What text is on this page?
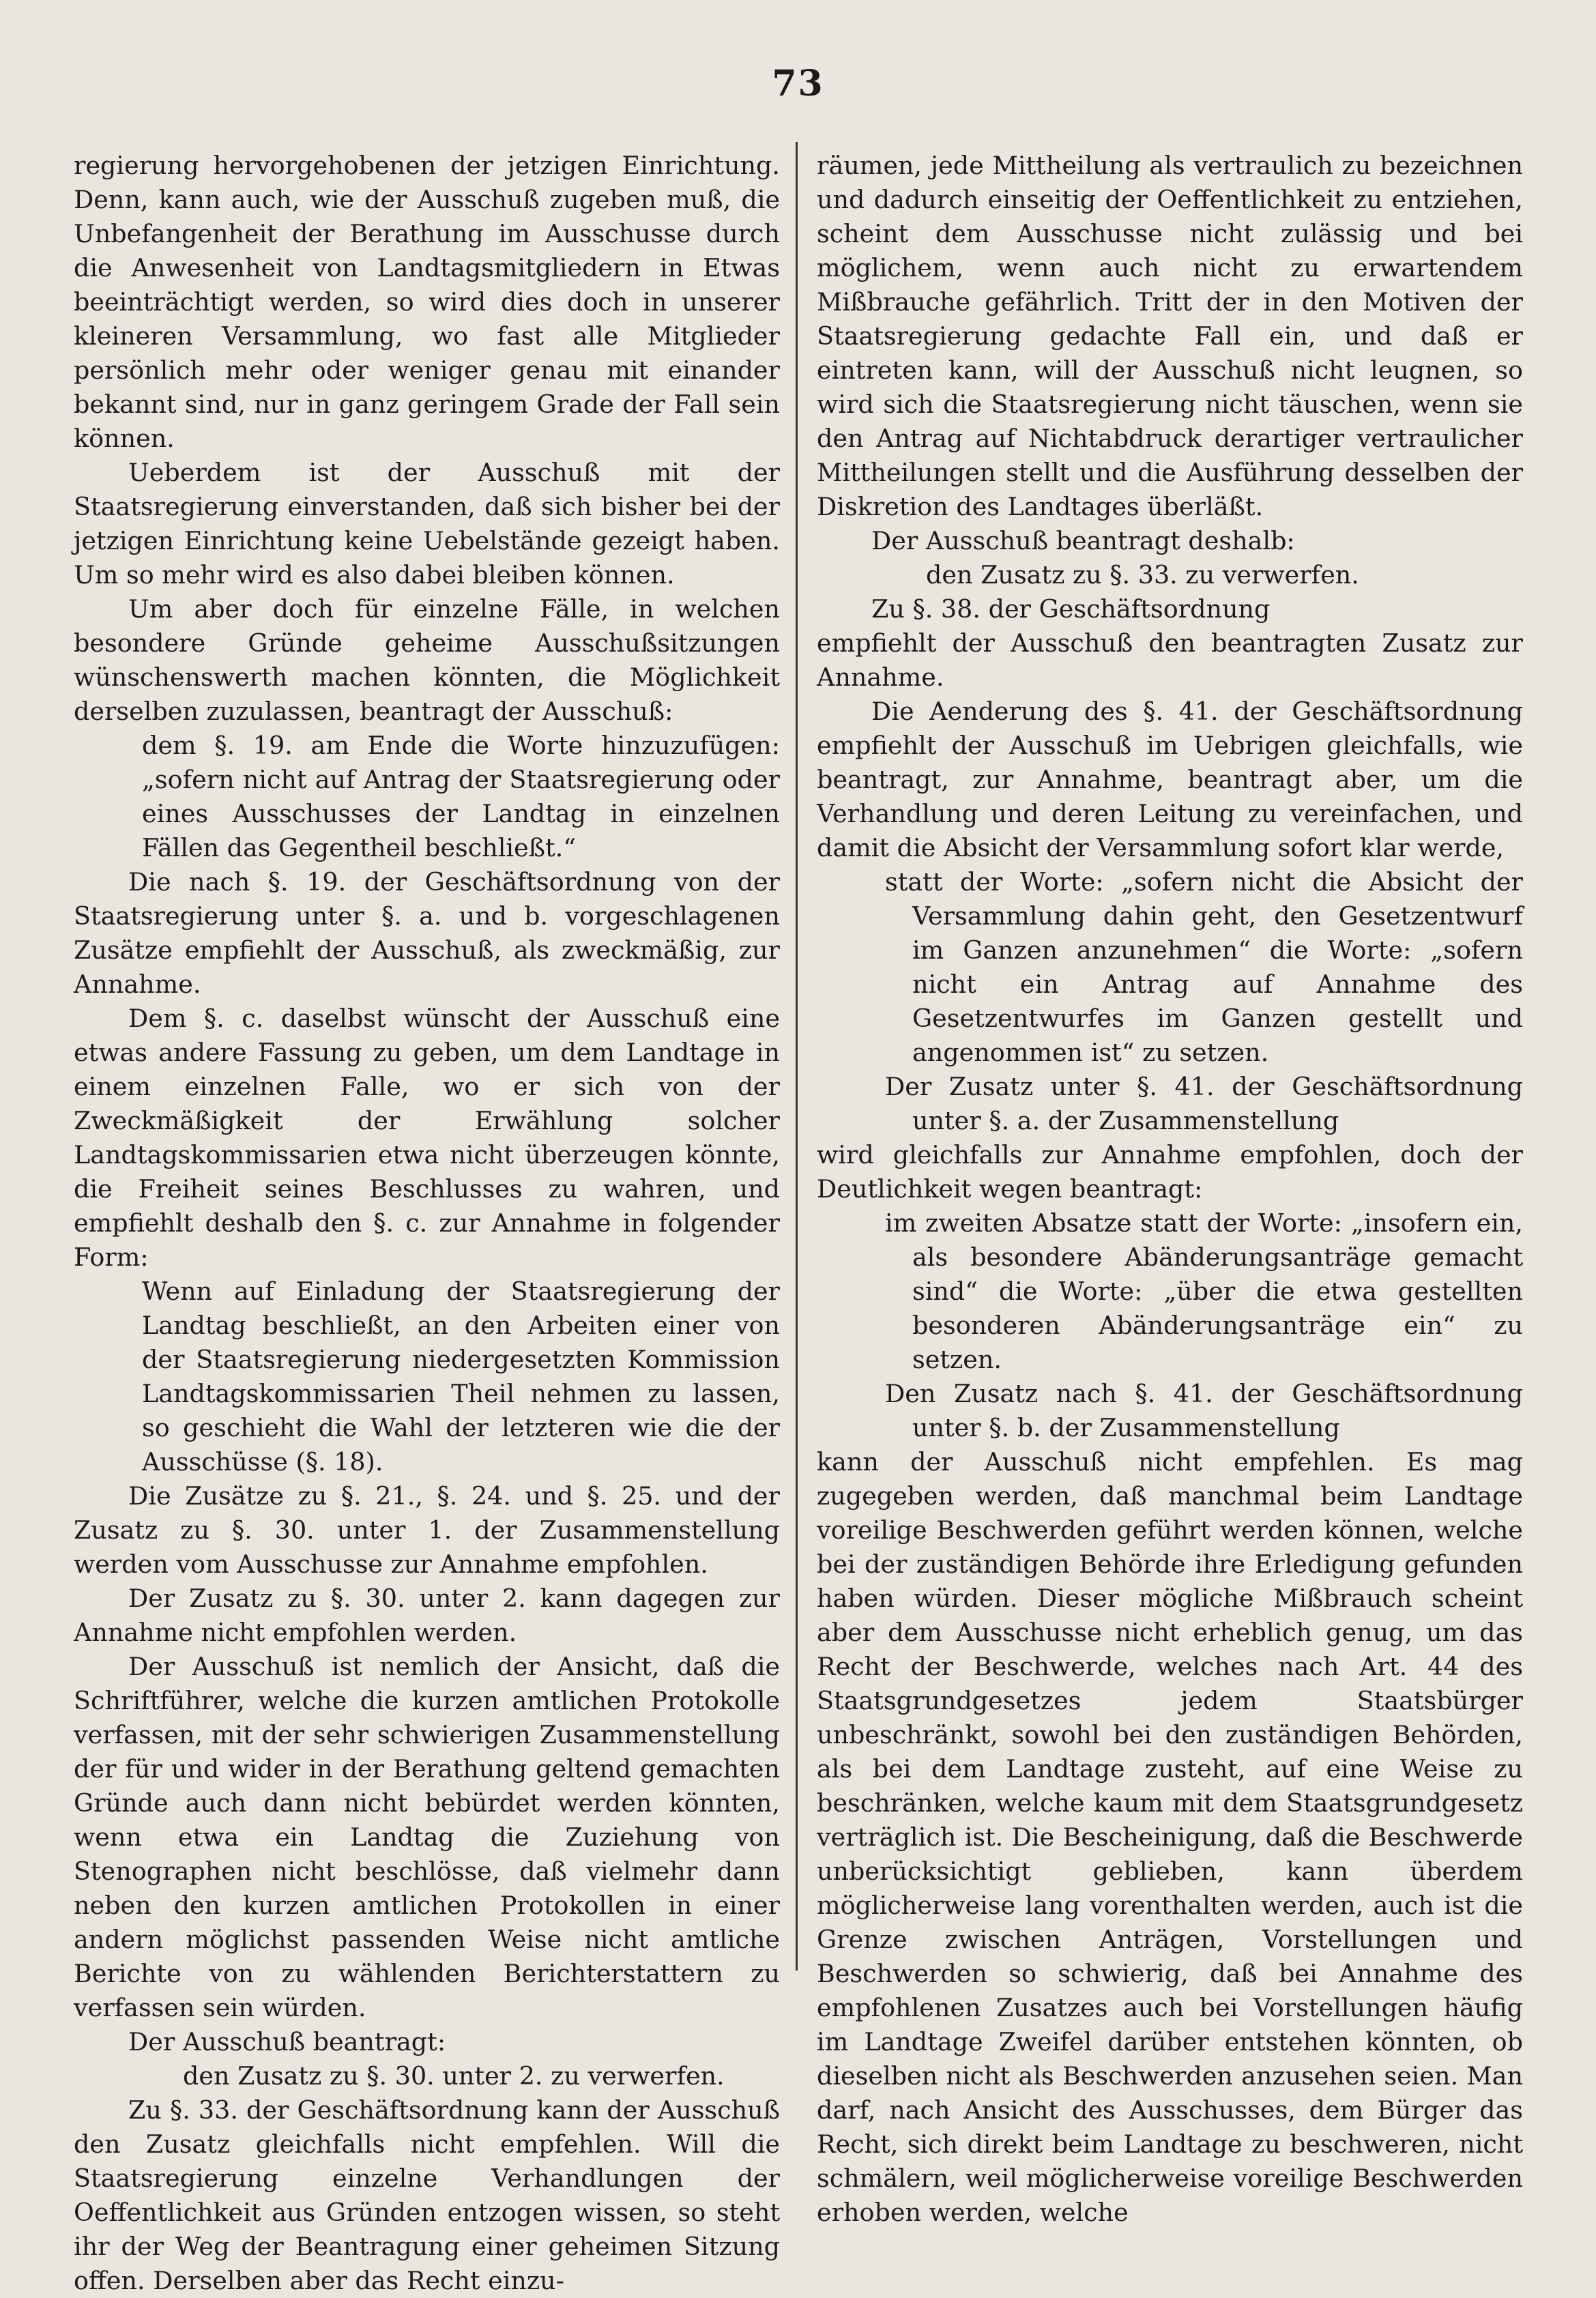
73

regierung hervorgehobenen der jetzigen Einrichtung. Denn, kann auch, wie der Ausschuß zugeben muß, die Unbefangenheit der Berathung im Ausschusse durch die Anwesenheit von Landtagsmitgliedern in Etwas beeinträchtigt werden, so wird dies doch in unserer kleineren Versammlung, wo fast alle Mitglieder persönlich mehr oder weniger genau mit einander bekannt sind, nur in ganz geringem Grade der Fall sein können.

Ueberdem ist der Ausschuß mit der Staatsregierung einverstanden, daß sich bisher bei der jetzigen Einrichtung keine Uebelstände gezeigt haben. Um so mehr wird es also dabei bleiben können.

Um aber doch für einzelne Fälle, in welchen besondere Gründe geheime Ausschußsitzungen wünschenswerth machen könnten, die Möglichkeit derselben zuzulassen, beantragt der Ausschuß:

dem §. 19. am Ende die Worte hinzuzufügen: „sofern nicht auf Antrag der Staatsregierung oder eines Ausschusses der Landtag in einzelnen Fällen das Gegentheil beschließt.“

Die nach §. 19. der Geschäftsordnung von der Staatsregierung unter §. a. und b. vorgeschlagenen Zusätze empfiehlt der Ausschuß, als zweckmäßig, zur Annahme.

Dem §. c. daselbst wünscht der Ausschuß eine etwas andere Fassung zu geben, um dem Landtage in einem einzelnen Falle, wo er sich von der Zweckmäßigkeit der Erwählung solcher Landtagskommissarien etwa nicht überzeugen könnte, die Freiheit seines Beschlusses zu wahren, und empfiehlt deshalb den §. c. zur Annahme in folgender Form:

Wenn auf Einladung der Staatsregierung der Landtag beschließt, an den Arbeiten einer von der Staatsregierung niedergesetzten Kommission Landtagskommissarien Theil nehmen zu lassen, so geschieht die Wahl der letzteren wie die der Ausschüsse (§. 18).

Die Zusätze zu §. 21., §. 24. und §. 25. und der Zusatz zu §. 30. unter 1. der Zusammenstellung werden vom Ausschusse zur Annahme empfohlen.

Der Zusatz zu §. 30. unter 2. kann dagegen zur Annahme nicht empfohlen werden.

Der Ausschuß ist nemlich der Ansicht, daß die Schriftführer, welche die kurzen amtlichen Protokolle verfassen, mit der sehr schwierigen Zusammenstellung der für und wider in der Berathung geltend gemachten Gründe auch dann nicht bebürdet werden könnten, wenn etwa ein Landtag die Zuziehung von Stenographen nicht beschlösse, daß vielmehr dann neben den kurzen amtlichen Protokollen in einer andern möglichst passenden Weise nicht amtliche Berichte von zu wählenden Berichterstattern zu verfassen sein würden.

Der Ausschuß beantragt:

den Zusatz zu §. 30. unter 2. zu verwerfen.

Zu §. 33. der Geschäftsordnung kann der Ausschuß den Zusatz gleichfalls nicht empfehlen. Will die Staatsregierung einzelne Verhandlungen der Oeffentlichkeit aus Gründen entzogen wissen, so steht ihr der Weg der Beantragung einer geheimen Sitzung offen. Derselben aber das Recht einzu-

räumen, jede Mittheilung als vertraulich zu bezeichnen und dadurch einseitig der Oeffentlichkeit zu entziehen, scheint dem Ausschusse nicht zulässig und bei möglichem, wenn auch nicht zu erwartendem Mißbrauche gefährlich. Tritt der in den Motiven der Staatsregierung gedachte Fall ein, und daß er eintreten kann, will der Ausschuß nicht leugnen, so wird sich die Staatsregierung nicht täuschen, wenn sie den Antrag auf Nichtabdruck derartiger vertraulicher Mittheilungen stellt und die Ausführung desselben der Diskretion des Landtages überläßt.

Der Ausschuß beantragt deshalb:

den Zusatz zu §. 33. zu verwerfen.

Zu §. 38. der Geschäftsordnung

empfiehlt der Ausschuß den beantragten Zusatz zur Annahme.

Die Aenderung des §. 41. der Geschäftsordnung empfiehlt der Ausschuß im Uebrigen gleichfalls, wie beantragt, zur Annahme, beantragt aber, um die Verhandlung und deren Leitung zu vereinfachen, und damit die Absicht der Versammlung sofort klar werde,

statt der Worte: „sofern nicht die Absicht der Versammlung dahin geht, den Gesetzentwurf im Ganzen anzunehmen“ die Worte: „sofern nicht ein Antrag auf Annahme des Gesetzentwurfes im Ganzen gestellt und angenommen ist“ zu setzen.

Der Zusatz unter §. 41. der Geschäftsordnung unter §. a. der Zusammenstellung

wird gleichfalls zur Annahme empfohlen, doch der Deutlichkeit wegen beantragt:

im zweiten Absatze statt der Worte: „insofern ein, als besondere Abänderungsanträge gemacht sind“ die Worte: „über die etwa gestellten besonderen Abänderungsanträge ein“ zu setzen.

Den Zusatz nach §. 41. der Geschäftsordnung unter §. b. der Zusammenstellung

kann der Ausschuß nicht empfehlen. Es mag zugegeben werden, daß manchmal beim Landtage voreilige Beschwerden geführt werden können, welche bei der zuständigen Behörde ihre Erledigung gefunden haben würden. Dieser mögliche Mißbrauch scheint aber dem Ausschusse nicht erheblich genug, um das Recht der Beschwerde, welches nach Art. 44 des Staatsgrundgesetzes jedem Staatsbürger unbeschränkt, sowohl bei den zuständigen Behörden, als bei dem Landtage zusteht, auf eine Weise zu beschränken, welche kaum mit dem Staatsgrundgesetz verträglich ist. Die Bescheinigung, daß die Beschwerde unberücksichtigt geblieben, kann überdem möglicherweise lang vorenthalten werden, auch ist die Grenze zwischen Anträgen, Vorstellungen und Beschwerden so schwierig, daß bei Annahme des empfohlenen Zusatzes auch bei Vorstellungen häufig im Landtage Zweifel darüber entstehen könnten, ob dieselben nicht als Beschwerden anzusehen seien. Man darf, nach Ansicht des Ausschusses, dem Bürger das Recht, sich direkt beim Landtage zu beschweren, nicht schmälern, weil möglicherweise voreilige Beschwerden erhoben werden, welche
